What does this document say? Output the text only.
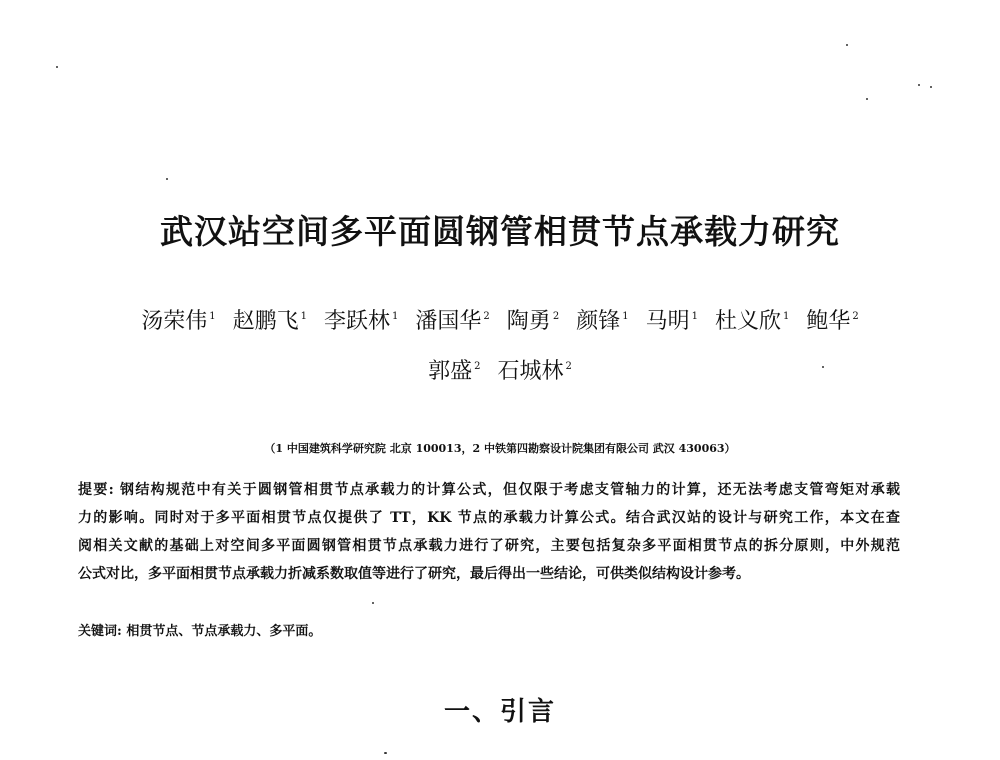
武汉站空间多平面圆钢管相贯节点承载力研究
汤荣伟 $^1$ 赵鹏飞 $^1$ 李跃林 $^1$ 潘国华 $^2$ 陶勇 $^2$ 颜锋 $^1$ 马明 $^1$ 杜义欣 $^1$ 鲍华 $^2$
郭盛 $^2$ 石城林 $^2$
（1 中国建筑科学研究院 北京 100013，2 中铁第四勘察设计院集团有限公司 武汉 430063）
提要: 钢结构规范中有关于圆钢管相贯节点承载力的计算公式，但仅限于考虑支管轴力的计算，还无法考虑支管弯矩对承载
力的影响。同时对于多平面相贯节点仅提供了 TT，KK 节点的承载力计算公式。结合武汉站的设计与研究工作，本文在查
阅相关文献的基础上对空间多平面圆钢管相贯节点承载力进行了研究，主要包括复杂多平面相贯节点的拆分原则，中外规范
公式对比，多平面相贯节点承载力折减系数取值等进行了研究，最后得出一些结论，可供类似结构设计参考。
关键词: 相贯节点、节点承载力、多平面。
一、引言
